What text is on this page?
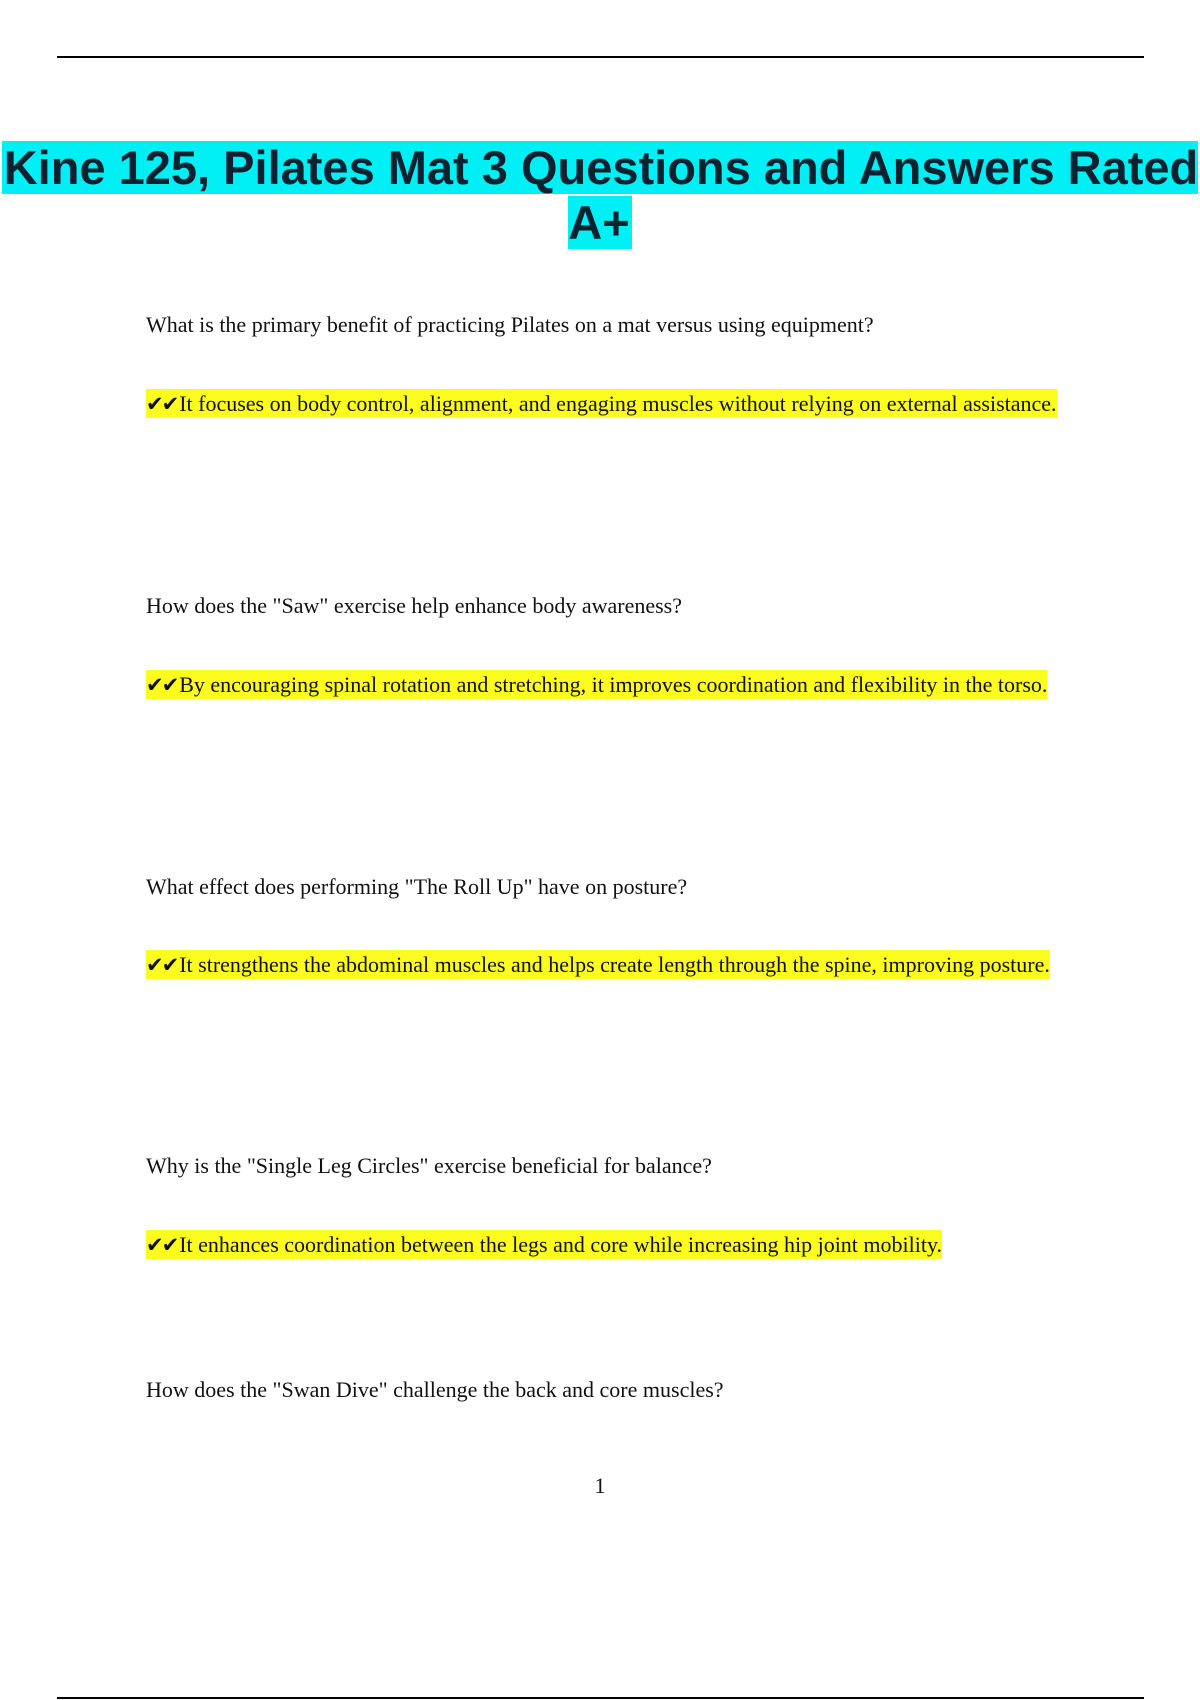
Kine 125, Pilates Mat 3 Questions and Answers Rated A+

What is the primary benefit of practicing Pilates on a mat versus using equipment?

✔✔It focuses on body control, alignment, and engaging muscles without relying on external assistance.

How does the "Saw" exercise help enhance body awareness?

✔✔By encouraging spinal rotation and stretching, it improves coordination and flexibility in the torso.

What effect does performing "The Roll Up" have on posture?

✔✔It strengthens the abdominal muscles and helps create length through the spine, improving posture.

Why is the "Single Leg Circles" exercise beneficial for balance?

✔✔It enhances coordination between the legs and core while increasing hip joint mobility.

How does the "Swan Dive" challenge the back and core muscles?

1
